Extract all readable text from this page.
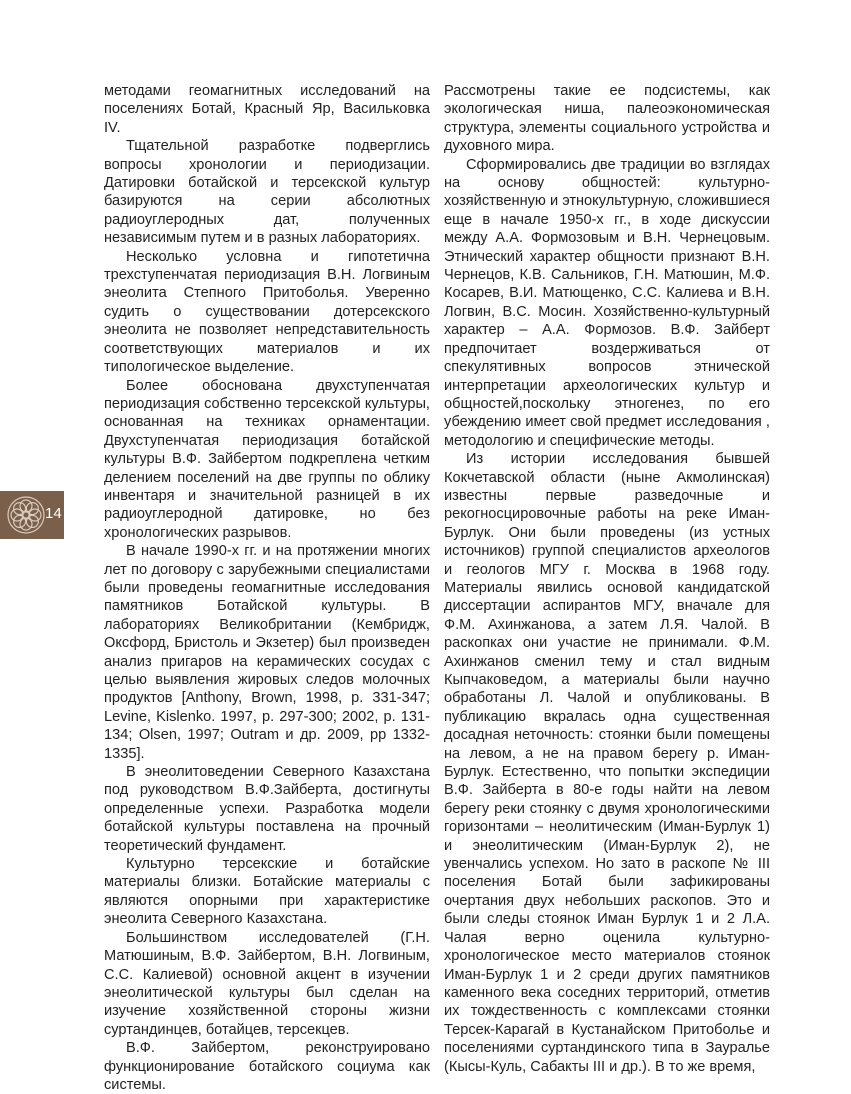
методами геомагнитных исследований на поселениях Ботай, Красный Яр, Васильковка IV.

Тщательной разработке подверглись вопросы хронологии и периодизации. Датировки ботайской и терсекской культур базируются на серии абсолютных радиоуглеродных дат, полученных независимым путем и в разных лабораториях.

Несколько условна и гипотетична трехступенчатая периодизация В.Н. Логвиным энеолита Степного Притоболья. Уверенно судить о существовании дотерсекского энеолита не позволяет непредставительность соответствующих материалов и их типологическое выделение.

Более обоснована двухступенчатая периодизация собственно терсекской культуры, основанная на техниках орнаментации. Двухступенчатая периодизация ботайской культуры В.Ф. Зайбертом подкреплена четким делением поселений на две группы по облику инвентаря и значительной разницей в их радиоуглеродной датировке, но без хронологических разрывов.

В начале 1990-х гг. и на протяжении многих лет по договору с зарубежными специалистами были проведены геомагнитные исследования памятников Ботайской культуры. В лабораториях Великобритании (Кембридж, Оксфорд, Бристоль и Экзетер) был произведен анализ пригаров на керамических сосудах с целью выявления жировых следов молочных продуктов [Anthony, Brown, 1998, p. 331-347; Levine, Kislenko. 1997, p. 297-300; 2002, p. 131-134; Olsen, 1997; Outram и др. 2009, pp 1332-1335].

В энеолитоведении Северного Казахстана под руководством В.Ф.Зайберта, достигнуты определенные успехи. Разработка модели ботайской культуры поставлена на прочный теоретический фундамент.

Культурно терсекские и ботайские материалы близки. Ботайские материалы с являются опорными при характеристике энеолита Северного Казахстана.

Большинством исследователей (Г.Н. Матюшиным, В.Ф. Зайбертом, В.Н. Логвиным, С.С. Калиевой) основной акцент в изучении энеолитической культуры был сделан на изучение хозяйственной стороны жизни суртандинцев, ботайцев, терсекцев.

В.Ф. Зайбертом, реконструировано функционирование ботайского социума как системы.

Рассмотрены такие ее подсистемы, как экологическая ниша, палеоэкономическая структура, элементы социального устройства и духовного мира.

Сформировались две традиции во взглядах на основу общностей: культурно-хозяйственную и этнокультурную, сложившиеся еще в начале 1950-х гг., в ходе дискуссии между А.А. Формозовым и В.Н. Чернецовым. Этнический характер общности признают В.Н. Чернецов, К.В. Сальников, Г.Н. Матюшин, М.Ф. Косарев, В.И. Матющенко, С.С. Калиева и В.Н. Логвин, В.С. Мосин. Хозяйственно-культурный характер – А.А. Формозов. В.Ф. Зайберт предпочитает воздерживаться от спекулятивных вопросов этнической интерпретации археологических культур и общностей,поскольку этногенез, по его убеждению имеет свой предмет исследования , методологию и специфические методы.

Из истории исследования бывшей Кокчетавской области (ныне Акмолинская) известны первые разведочные и рекогносцировочные работы на реке Иман-Бурлук. Они были проведены (из устных источников) группой специалистов археологов и геологов МГУ г. Москва в 1968 году. Материалы явились основой кандидатской диссертации аспирантов МГУ, вначале для Ф.М. Ахинжанова, а затем Л.Я. Чалой. В раскопках они участие не принимали. Ф.М. Ахинжанов сменил тему и стал видным Кыпчаковедом, а материалы были научно обработаны Л. Чалой и опубликованы. В публикацию вкралась одна существенная досадная неточность: стоянки были помещены на левом, а не на правом берегу р. Иман-Бурлук. Естественно, что попытки экспедиции В.Ф. Зайберта в 80-е годы найти на левом берегу реки стоянку с двумя хронологическими горизонтами – неолитическим (Иман-Бурлук 1) и энеолитическим (Иман-Бурлук 2), не увенчались успехом. Но зато в раскопе № III поселения Ботай были зафикированы очертания двух небольших раскопов. Это и были следы стоянок Иман Бурлук 1 и 2 Л.А. Чалая верно оценила культурно- хронологическое место материалов стоянок Иман-Бурлук 1 и 2 среди других памятников каменного века соседних территорий, отметив их тождественность с комплексами стоянки Терсек-Карагай в Кустанайском Притоболье и поселениями суртандинского типа в Зауралье (Кысы-Куль, Сабакты III и др.). В то же время,

14
